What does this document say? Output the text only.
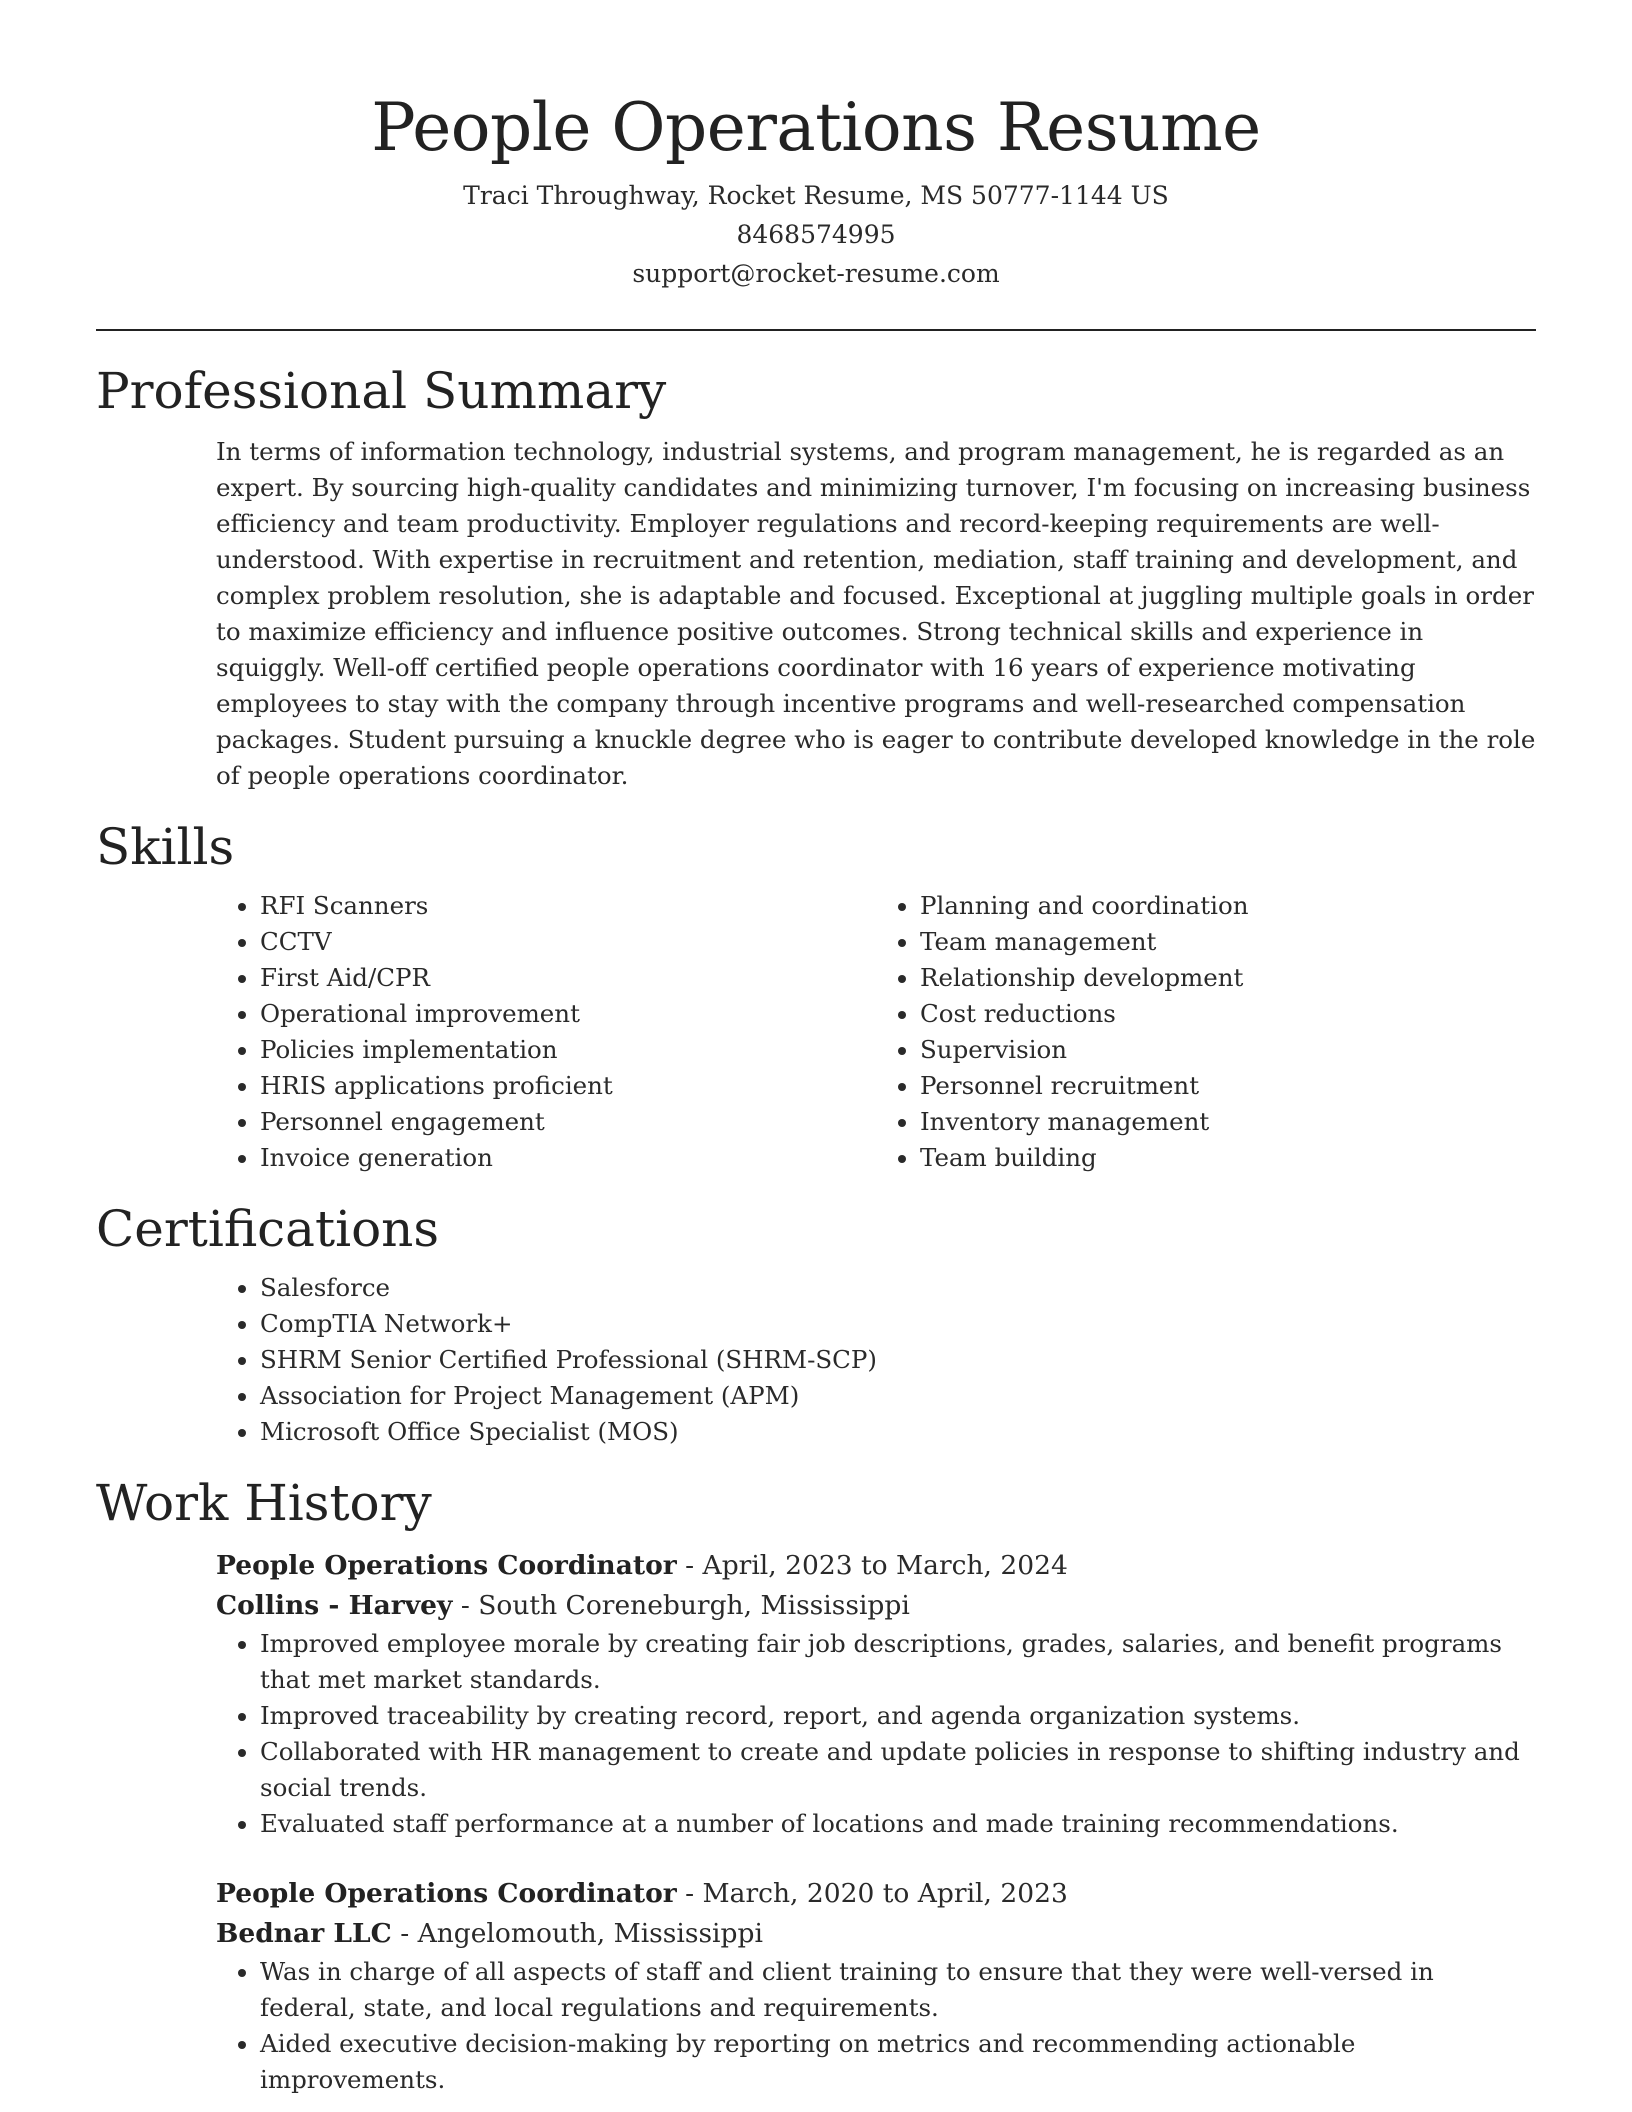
People Operations Resume
Traci Throughway, Rocket Resume, MS 50777-1144 US
8468574995
support@rocket-resume.com
Professional Summary

In terms of information technology, industrial systems, and program management, he is regarded as an expert. By sourcing high-quality candidates and minimizing turnover, I'm focusing on increasing business efficiency and team productivity. Employer regulations and record-keeping requirements are well-understood. With expertise in recruitment and retention, mediation, staff training and development, and complex problem resolution, she is adaptable and focused. Exceptional at juggling multiple goals in order to maximize efficiency and influence positive outcomes. Strong technical skills and experience in squiggly. Well-off certified people operations coordinator with 16 years of experience motivating employees to stay with the company through incentive programs and well-researched compensation packages. Student pursuing a knuckle degree who is eager to contribute developed knowledge in the role of people operations coordinator.

Skills
• RFI Scanners
• CCTV
• First Aid/CPR
• Operational improvement
• Policies implementation
• HRIS applications proficient
• Personnel engagement
• Invoice generation
• Planning and coordination
• Team management
• Relationship development
• Cost reductions
• Supervision
• Personnel recruitment
• Inventory management
• Team building
Certifications
• Salesforce
• CompTIA Network+
• SHRM Senior Certified Professional (SHRM-SCP)
• Association for Project Management (APM)
• Microsoft Office Specialist (MOS)
Work History
People Operations Coordinator - April, 2023 to March, 2024
Collins - Harvey - South Coreneburgh, Mississippi
• Improved employee morale by creating fair job descriptions, grades, salaries, and benefit programs that met market standards.
• Improved traceability by creating record, report, and agenda organization systems.
• Collaborated with HR management to create and update policies in response to shifting industry and social trends.
• Evaluated staff performance at a number of locations and made training recommendations.
People Operations Coordinator - March, 2020 to April, 2023
Bednar LLC - Angelomouth, Mississippi
• Was in charge of all aspects of staff and client training to ensure that they were well-versed in federal, state, and local regulations and requirements.
• Aided executive decision-making by reporting on metrics and recommending actionable improvements.
